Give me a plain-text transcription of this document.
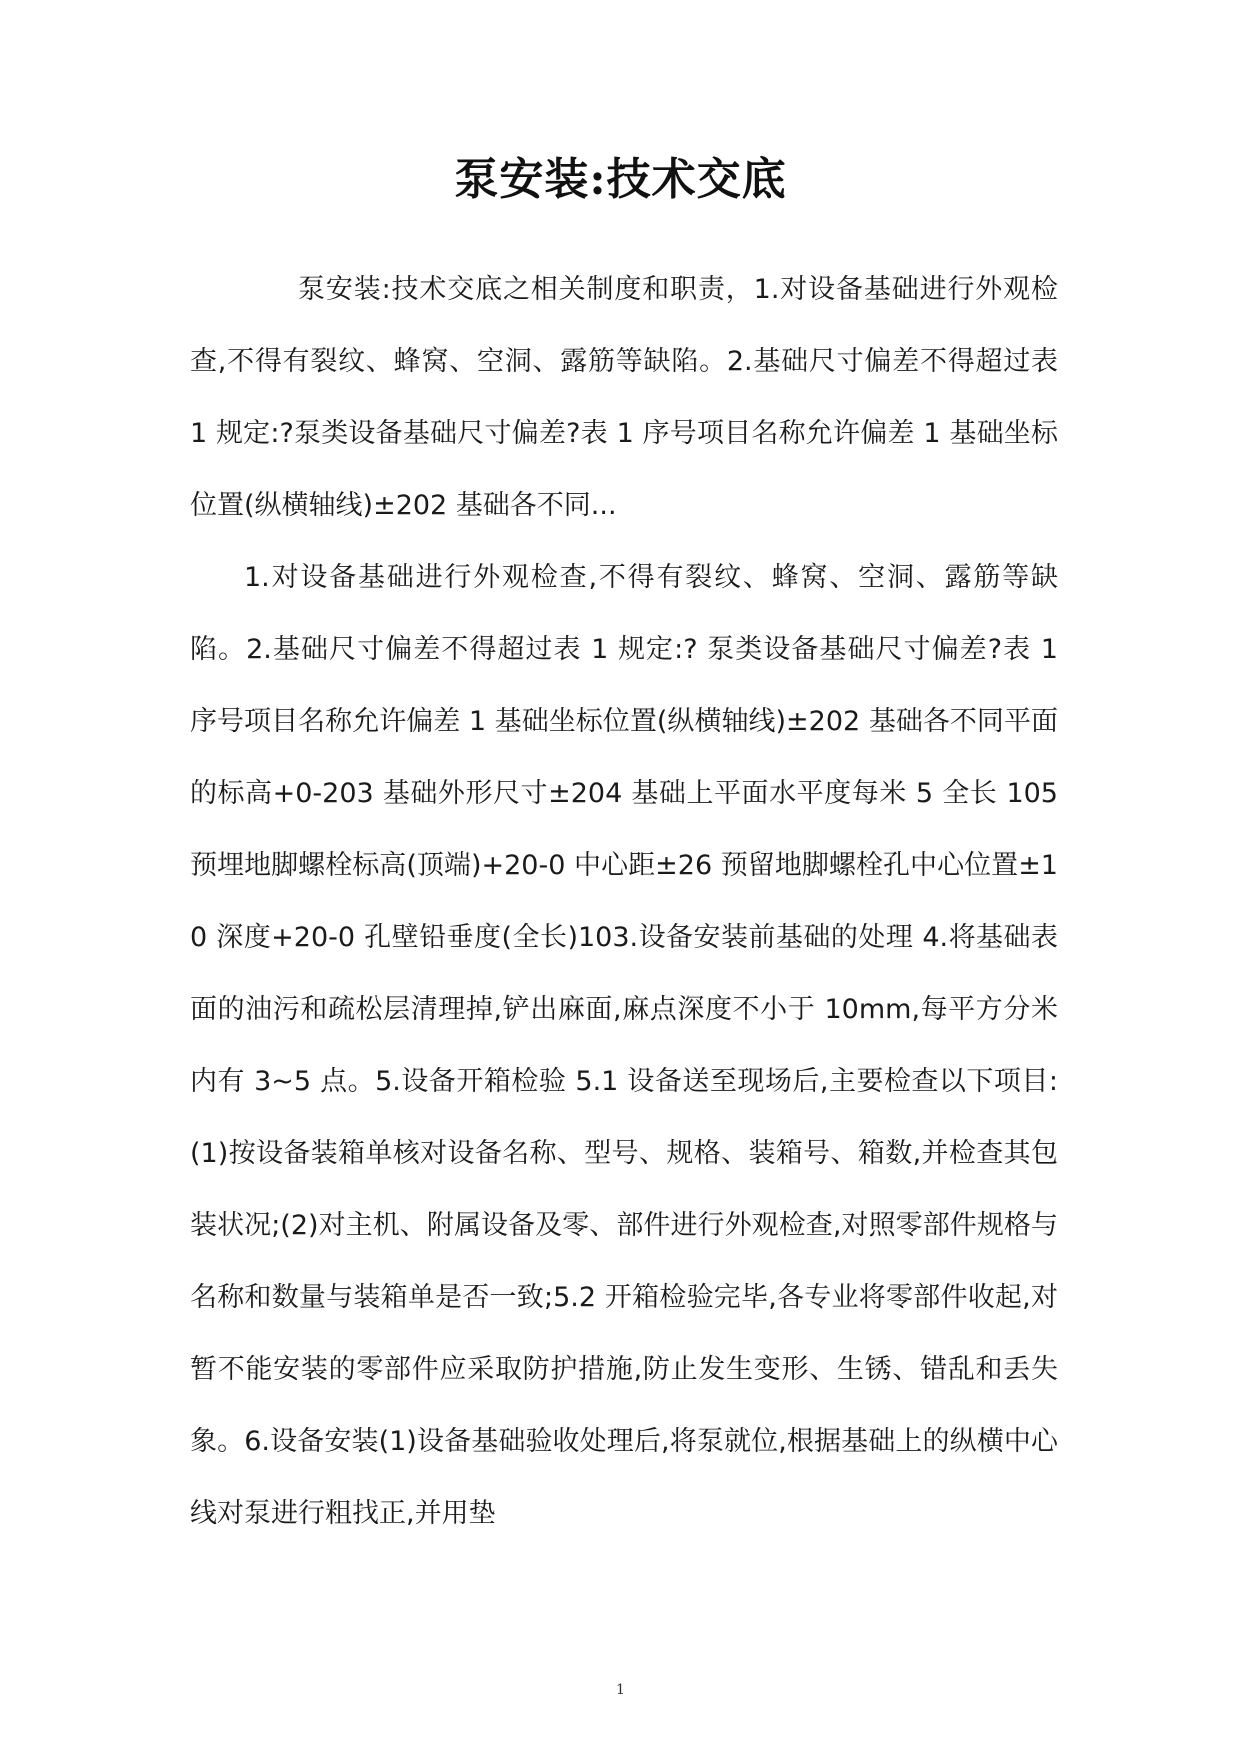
泵安装:技术交底

泵安装:技术交底之相关制度和职责，1.对设备基础进行外观检查,不得有裂纹、蜂窝、空洞、露筋等缺陷。2.基础尺寸偏差不得超过表 1 规定:?泵类设备基础尺寸偏差?表 1 序号项目名称允许偏差 1 基础坐标位置(纵横轴线)±202 基础各不同...

1.对设备基础进行外观检查,不得有裂纹、蜂窝、空洞、露筋等缺陷。2.基础尺寸偏差不得超过表 1 规定:? 泵类设备基础尺寸偏差?表 1 序号项目名称允许偏差 1 基础坐标位置(纵横轴线)±202 基础各不同平面的标高+0-203 基础外形尺寸±204 基础上平面水平度每米 5 全长 105 预埋地脚螺栓标高(顶端)+20-0 中心距±26 预留地脚螺栓孔中心位置±10 深度+20-0 孔壁铅垂度(全长)103.设备安装前基础的处理 4.将基础表面的油污和疏松层清理掉,铲出麻面,麻点深度不小于 10mm,每平方分米内有 3~5 点。5.设备开箱检验 5.1 设备送至现场后,主要检查以下项目:(1)按设备装箱单核对设备名称、型号、规格、装箱号、箱数,并检查其包装状况;(2)对主机、附属设备及零、部件进行外观检查,对照零部件规格与名称和数量与装箱单是否一致;5.2 开箱检验完毕,各专业将零部件收起,对暂不能安装的零部件应采取防护措施,防止发生变形、生锈、错乱和丢失象。6.设备安装(1)设备基础验收处理后,将泵就位,根据基础上的纵横中心线对泵进行粗找正,并用垫

1
